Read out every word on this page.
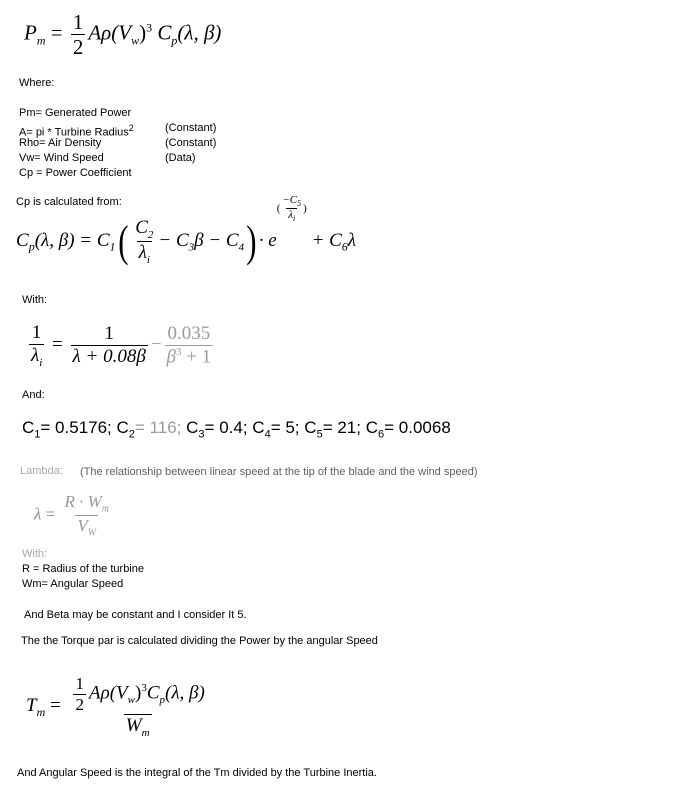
$P_m = \frac{1}{2} A\rho(V_w)^3$ $C_p(\lambda$, β)
Where:
Pm= Generated Power
A= pi * Turbine Radius$^2$	(Constant)
Rho= Air Density	(Constant)
Vw= Wind Speed	(Data)
Cp = Power Coefficient
Cp is calculated from:
$C_p(\lambda$, $\beta) = C_1( \frac{C_2}{\lambda_i} - C_3\beta - C_4) \cdot e( \frac{-C_5}{\lambda_i}$ ) + $C_6\lambda$
With:
$\frac{1}{\lambda_i} = \frac{1}{\lambda + 0.08\beta} - \frac{0.035}{\beta^3 + 1}$
And:
$C_1= 0.5176$; $C_2= 116$; $C_3= 0.4$; $C_4= 5$; $C_5= 21$; $C_6= 0.0068$
Lambda: (The relationship between linear speed at the tip of the blade and the wind speed)
$\lambda = \frac{R \cdot W_m}{V_W}$
With:
R = Radius of the turbine
Wm= Angular Speed
And Beta may be constant and I consider It 5.
The the Torque par is calculated dividing the Power by the angular Speed
$T_m = \frac{\frac{1}{2} A\rho(V_w)^3C_p(\lambda, \beta)}{W_m}$
And Angular Speed is the integral of the Tm divided by the Turbine Inertia.
